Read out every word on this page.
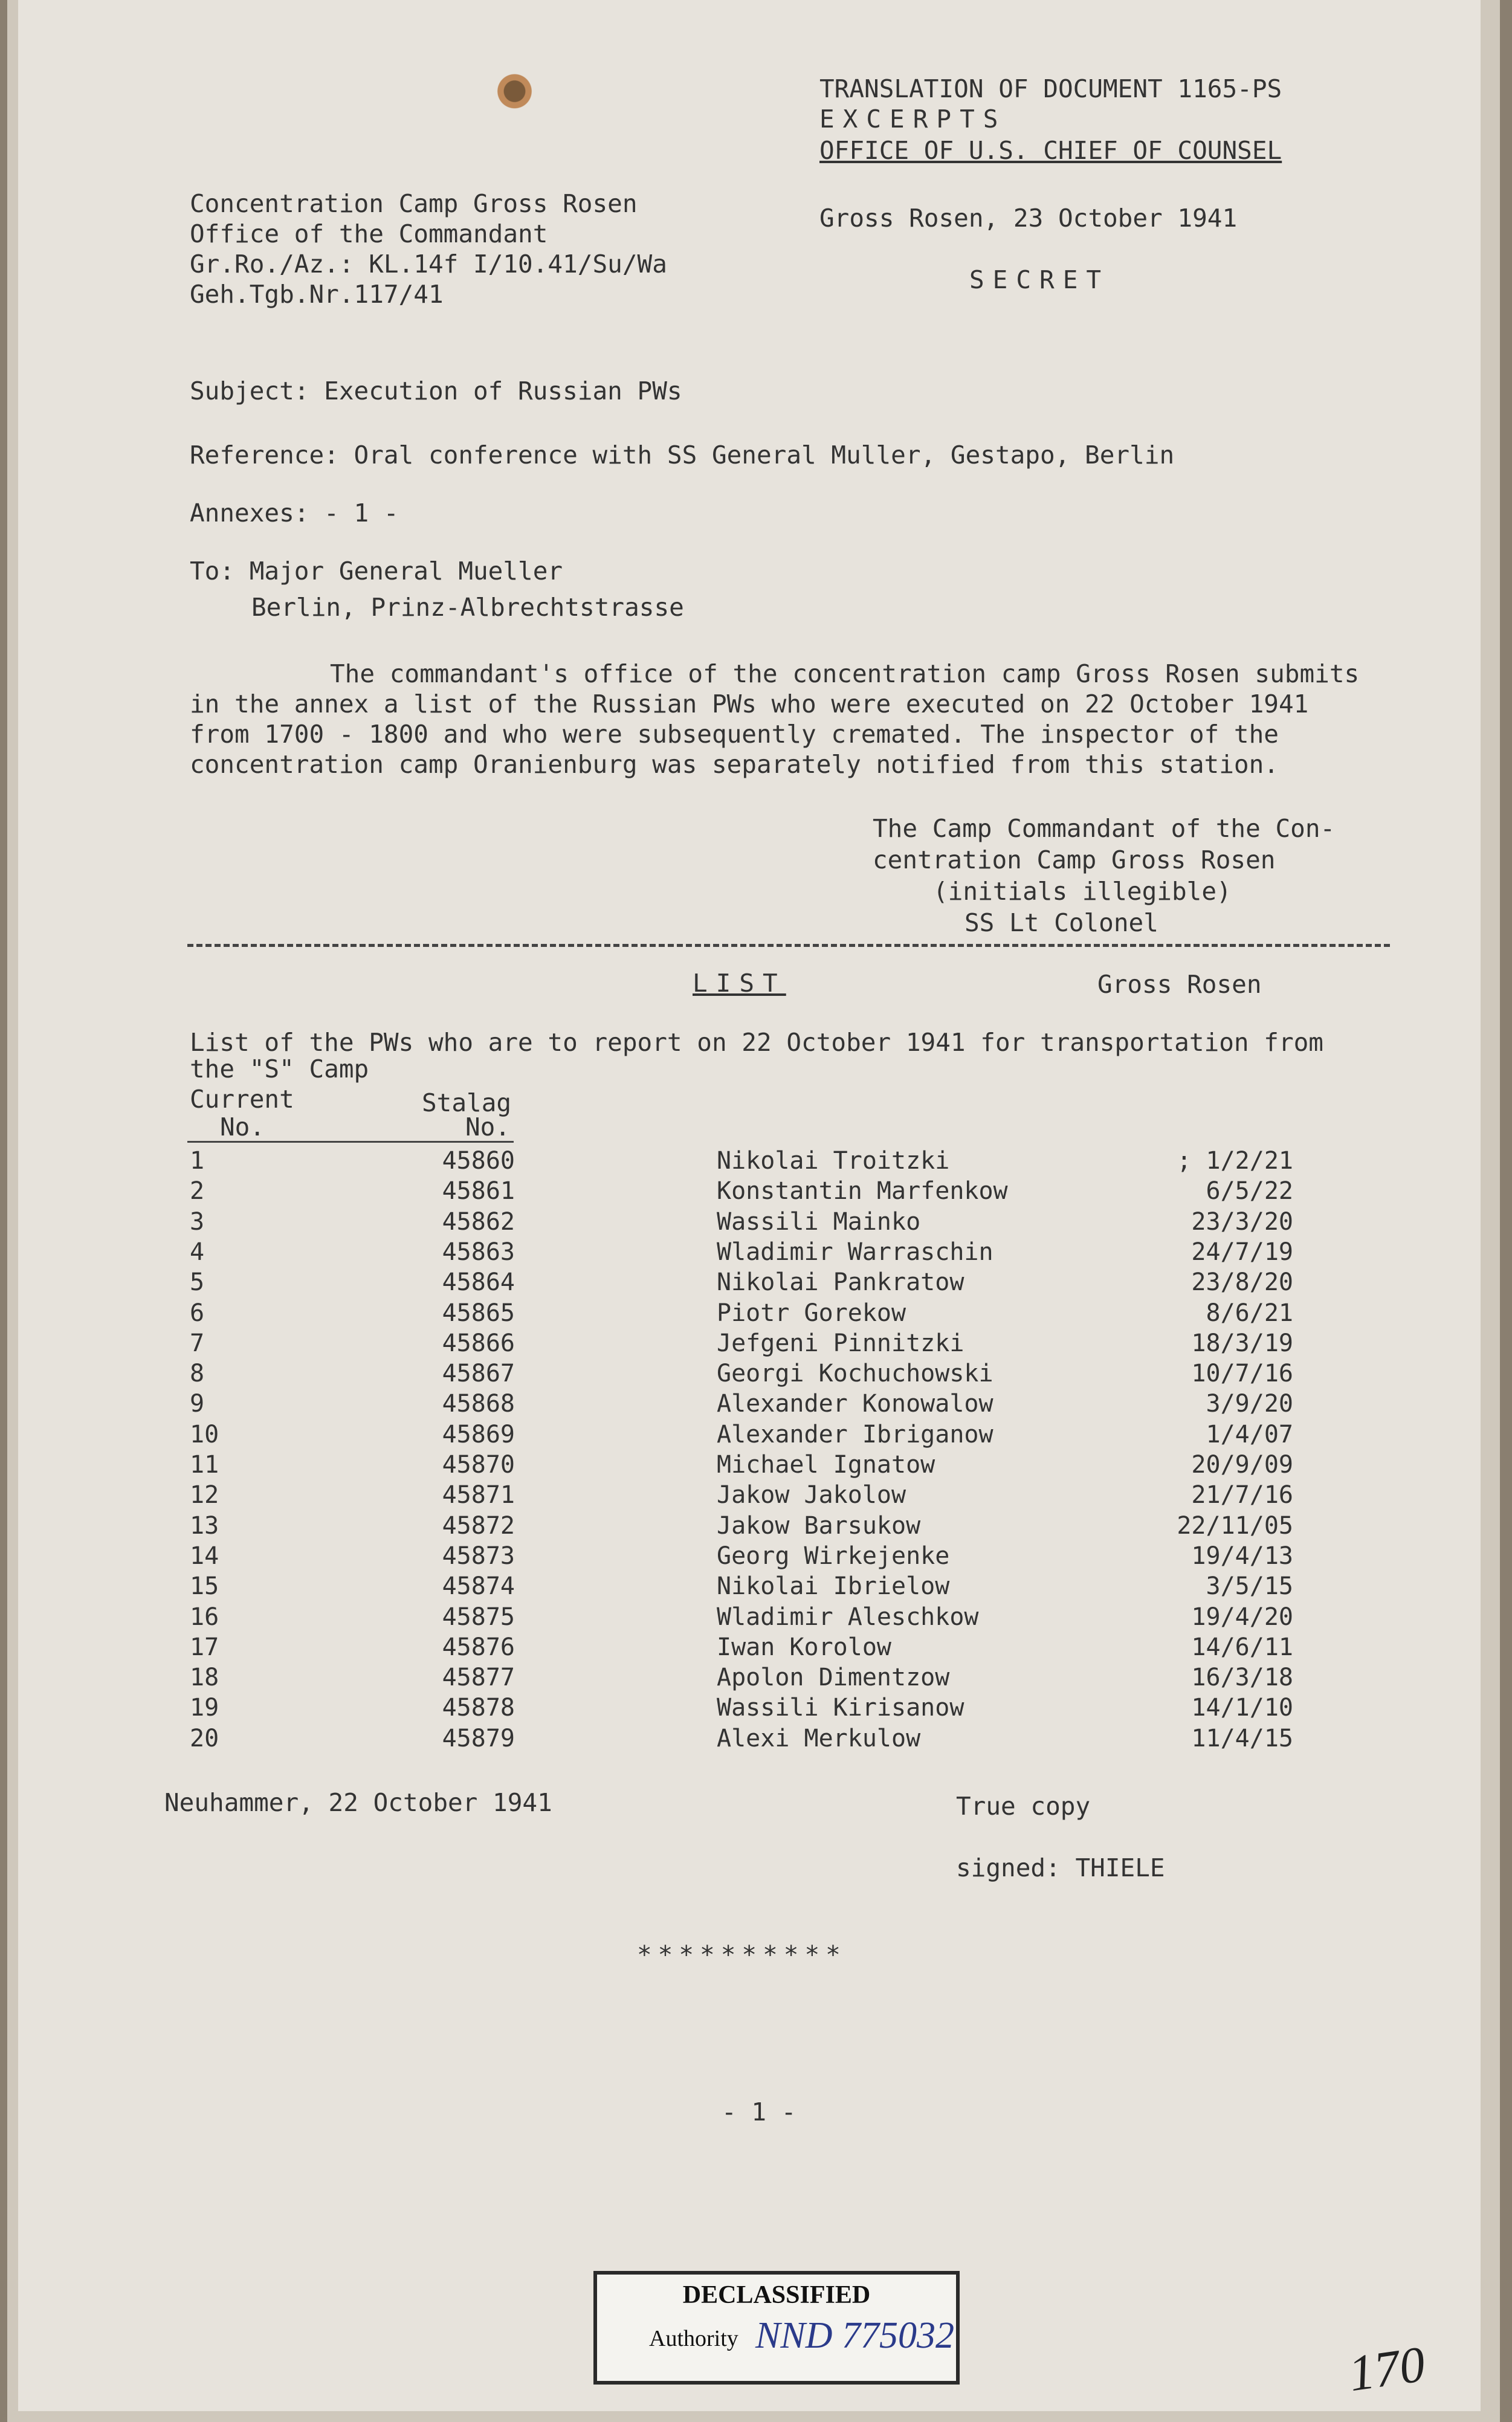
TRANSLATION OF DOCUMENT 1165-PS
EXCERPTS
OFFICE OF U.S. CHIEF OF COUNSEL
Concentration Camp Gross Rosen
Office of the Commandant
Gr.Ro./Az.: KL.14f I/10.41/Su/Wa
Geh.Tgb.Nr.117/41
Gross Rosen, 23 October 1941
SECRET
Subject: Execution of Russian PWs
Reference: Oral conference with SS General Muller, Gestapo, Berlin
Annexes: - 1 -
To: Major General Mueller
Berlin, Prinz-Albrechtstrasse
The commandant's office of the concentration camp Gross Rosen submits
in the annex a list of the Russian PWs who were executed on 22 October 1941
from 1700 - 1800 and who were subsequently cremated. The inspector of the
concentration camp Oranienburg was separately notified from this station.
The Camp Commandant of the Con-
centration Camp Gross Rosen
(initials illegible)
SS Lt Colonel
LIST	Gross Rosen
List of the PWs who are to report on 22 October 1941 for transportation from
the "S" Camp
Current
No.
Stalag
No.
1	45860	Nikolai Troitzki	; 1/2/21
2	45861	Konstantin Marfenkow	6/5/22
3	45862	Wassili Mainko	23/3/20
4	45863	Wladimir Warraschin	24/7/19
5	45864	Nikolai Pankratow	23/8/20
6	45865	Piotr Gorekow	8/6/21
7	45866	Jefgeni Pinnitzki	18/3/19
8	45867	Georgi Kochuchowski	10/7/16
9	45868	Alexander Konowalow	3/9/20
10	45869	Alexander Ibriganow	1/4/07
11	45870	Michael Ignatow	20/9/09
12	45871	Jakow Jakolow	21/7/16
13	45872	Jakow Barsukow	22/11/05
14	45873	Georg Wirkejenke	19/4/13
15	45874	Nikolai Ibrielow	3/5/15
16	45875	Wladimir Aleschkow	19/4/20
17	45876	Iwan Korolow	14/6/11
18	45877	Apolon Dimentzow	16/3/18
19	45878	Wassili Kirisanow	14/1/10
20	45879	Alexi Merkulow	11/4/15
Neuhammer, 22 October 1941	True copy
signed: THIELE
**********
- 1 -
DECLASSIFIED
Authority NND 775032
170
